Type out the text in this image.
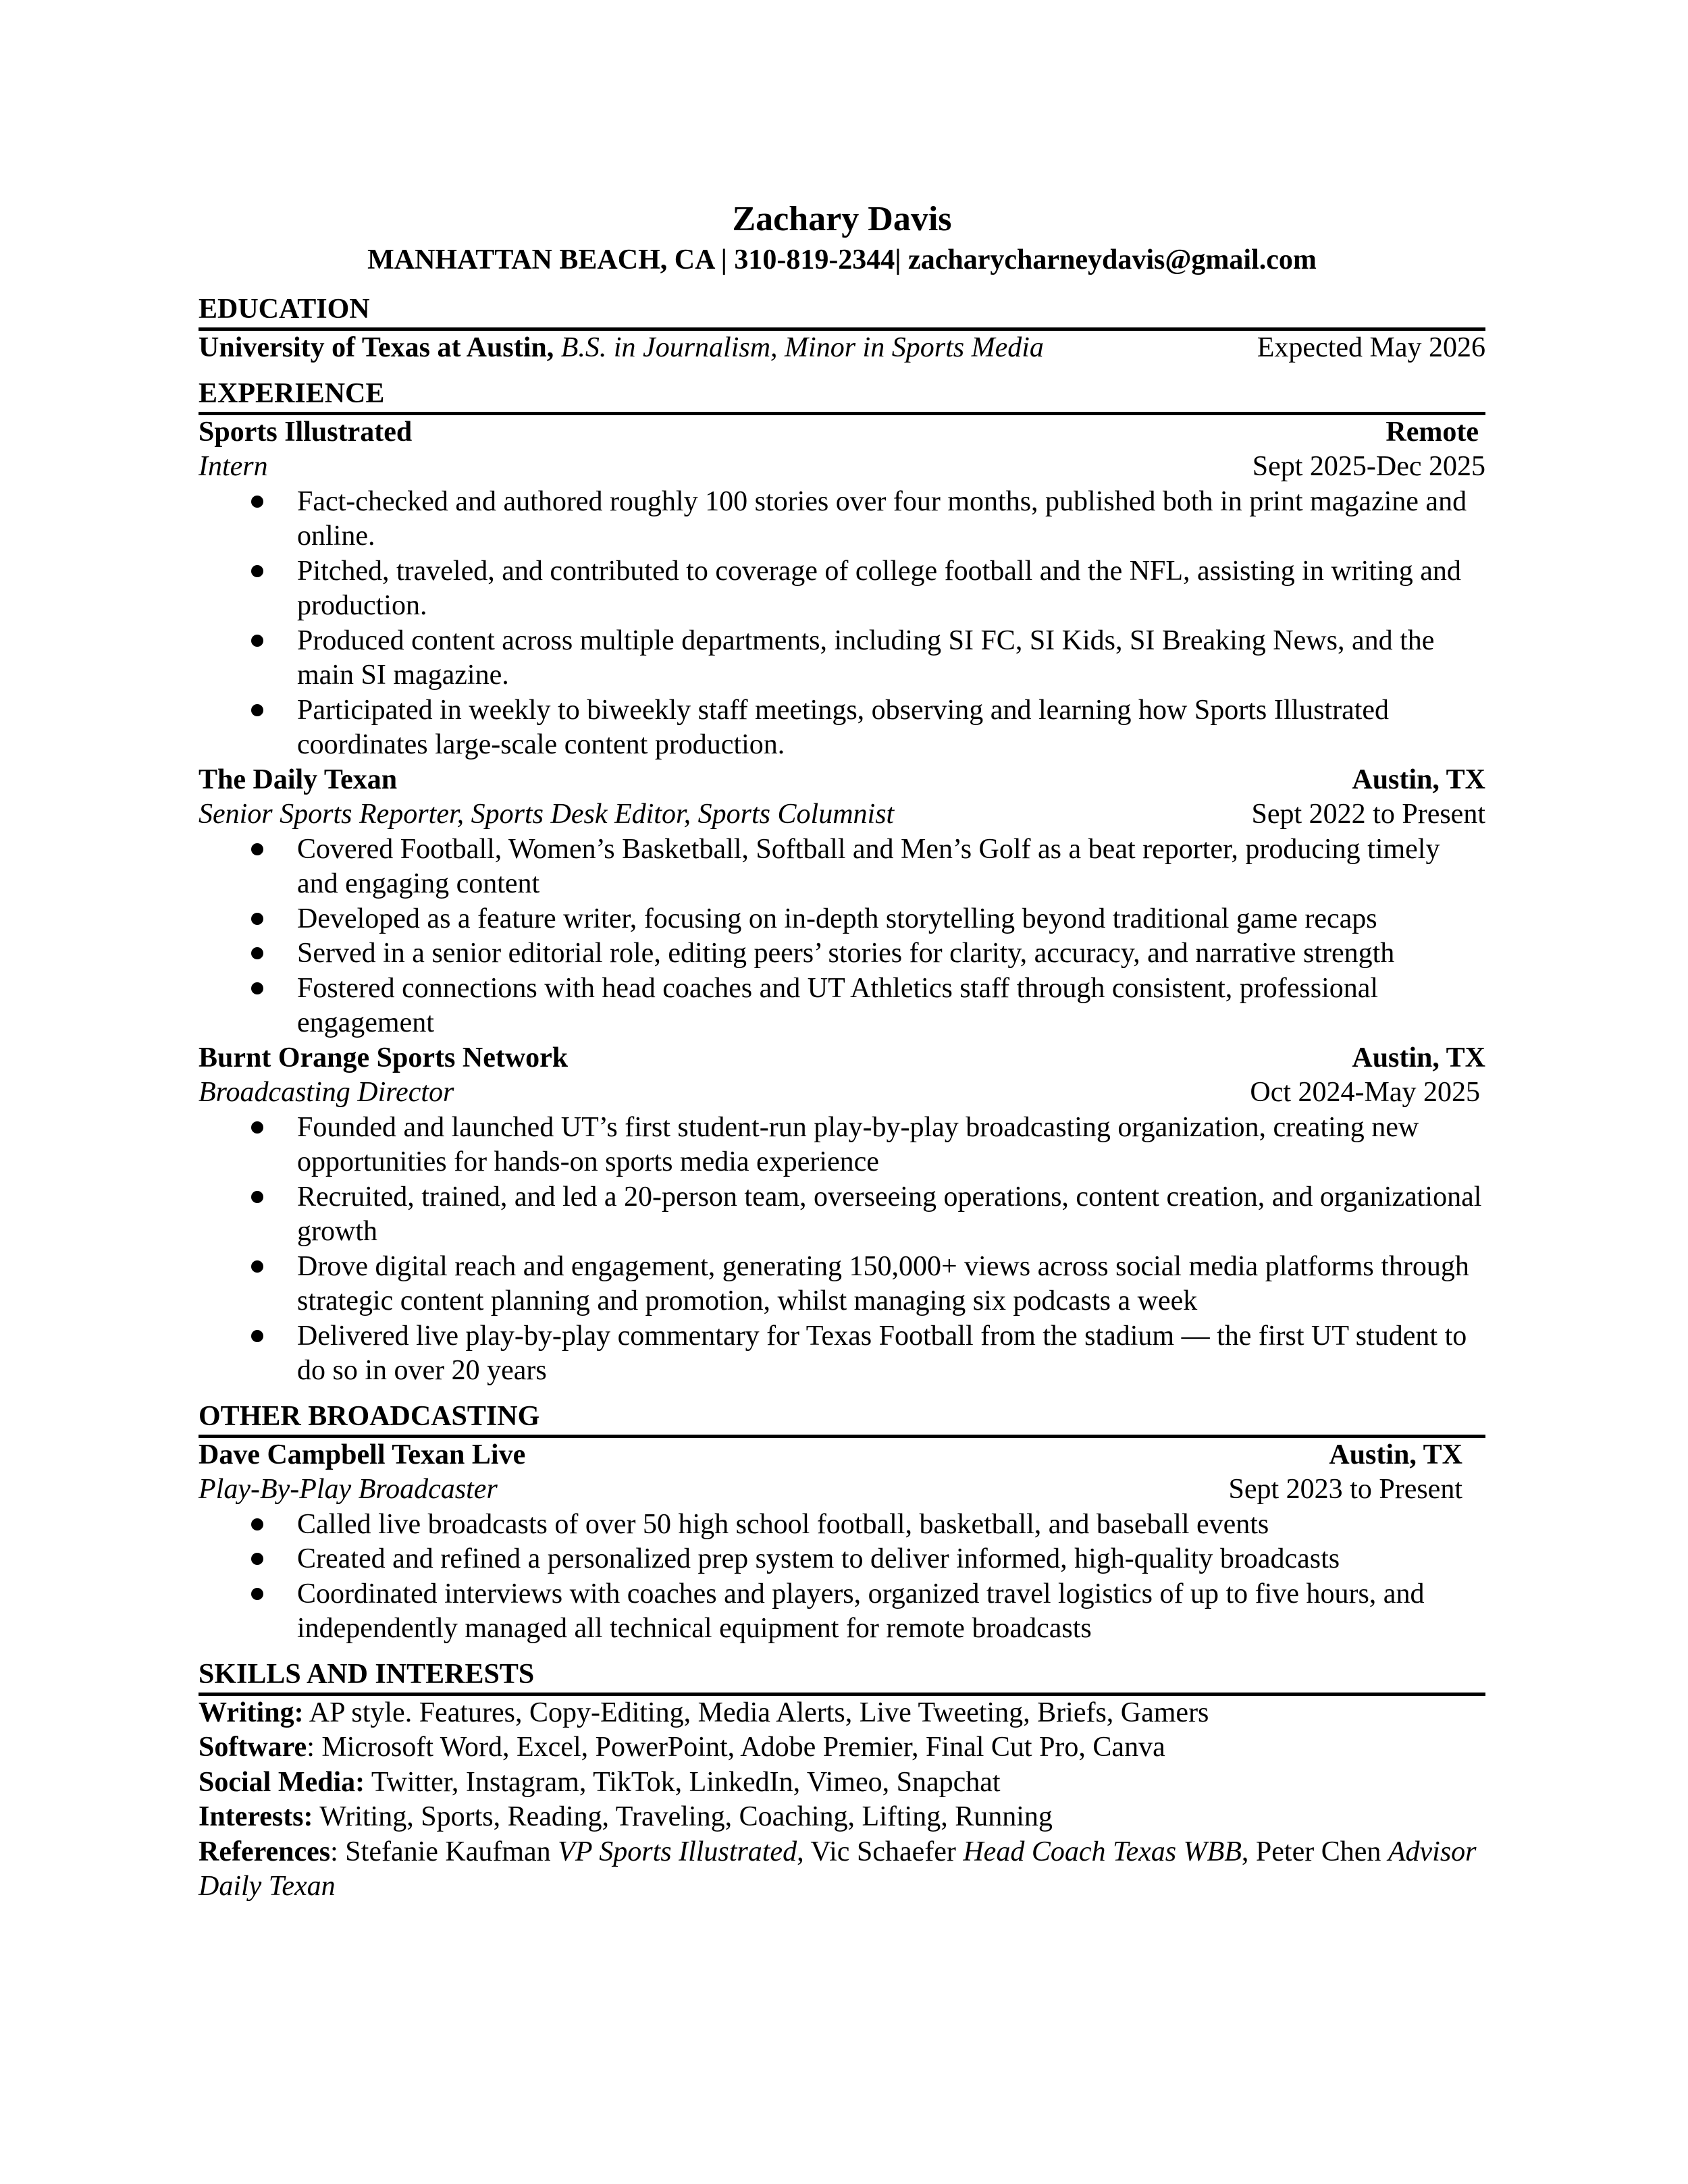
Zachary Davis
MANHATTAN BEACH, CA | 310-819-2344| zacharycharneydavis@gmail.com
EDUCATION
University of Texas at Austin, B.S. in Journalism, Minor in Sports Media	Expected May 2026
EXPERIENCE
Sports Illustrated	Remote
Intern	Sept 2025-Dec 2025
Fact-checked and authored roughly 100 stories over four months, published both in print magazine and online.
Pitched, traveled, and contributed to coverage of college football and the NFL, assisting in writing and production.
Produced content across multiple departments, including SI FC, SI Kids, SI Breaking News, and the main SI magazine.
Participated in weekly to biweekly staff meetings, observing and learning how Sports Illustrated coordinates large-scale content production.
The Daily Texan	Austin, TX
Senior Sports Reporter, Sports Desk Editor, Sports Columnist	Sept 2022 to Present
Covered Football, Women’s Basketball, Softball and Men’s Golf as a beat reporter, producing timely and engaging content
Developed as a feature writer, focusing on in-depth storytelling beyond traditional game recaps
Served in a senior editorial role, editing peers’ stories for clarity, accuracy, and narrative strength
Fostered connections with head coaches and UT Athletics staff through consistent, professional engagement
Burnt Orange Sports Network	Austin, TX
Broadcasting Director	Oct 2024-May 2025
Founded and launched UT’s first student-run play-by-play broadcasting organization, creating new opportunities for hands-on sports media experience
Recruited, trained, and led a 20-person team, overseeing operations, content creation, and organizational growth
Drove digital reach and engagement, generating 150,000+ views across social media platforms through strategic content planning and promotion, whilst managing six podcasts a week
Delivered live play-by-play commentary for Texas Football from the stadium — the first UT student to do so in over 20 years
OTHER BROADCASTING
Dave Campbell Texan Live	Austin, TX
Play-By-Play Broadcaster	Sept 2023 to Present
Called live broadcasts of over 50 high school football, basketball, and baseball events
Created and refined a personalized prep system to deliver informed, high-quality broadcasts
Coordinated interviews with coaches and players, organized travel logistics of up to five hours, and independently managed all technical equipment for remote broadcasts
SKILLS AND INTERESTS
Writing: AP style. Features, Copy-Editing, Media Alerts, Live Tweeting, Briefs, Gamers
Software: Microsoft Word, Excel, PowerPoint, Adobe Premier, Final Cut Pro, Canva
Social Media: Twitter, Instagram, TikTok, LinkedIn, Vimeo, Snapchat
Interests: Writing, Sports, Reading, Traveling, Coaching, Lifting, Running
References: Stefanie Kaufman VP Sports Illustrated, Vic Schaefer Head Coach Texas WBB, Peter Chen Advisor Daily Texan
